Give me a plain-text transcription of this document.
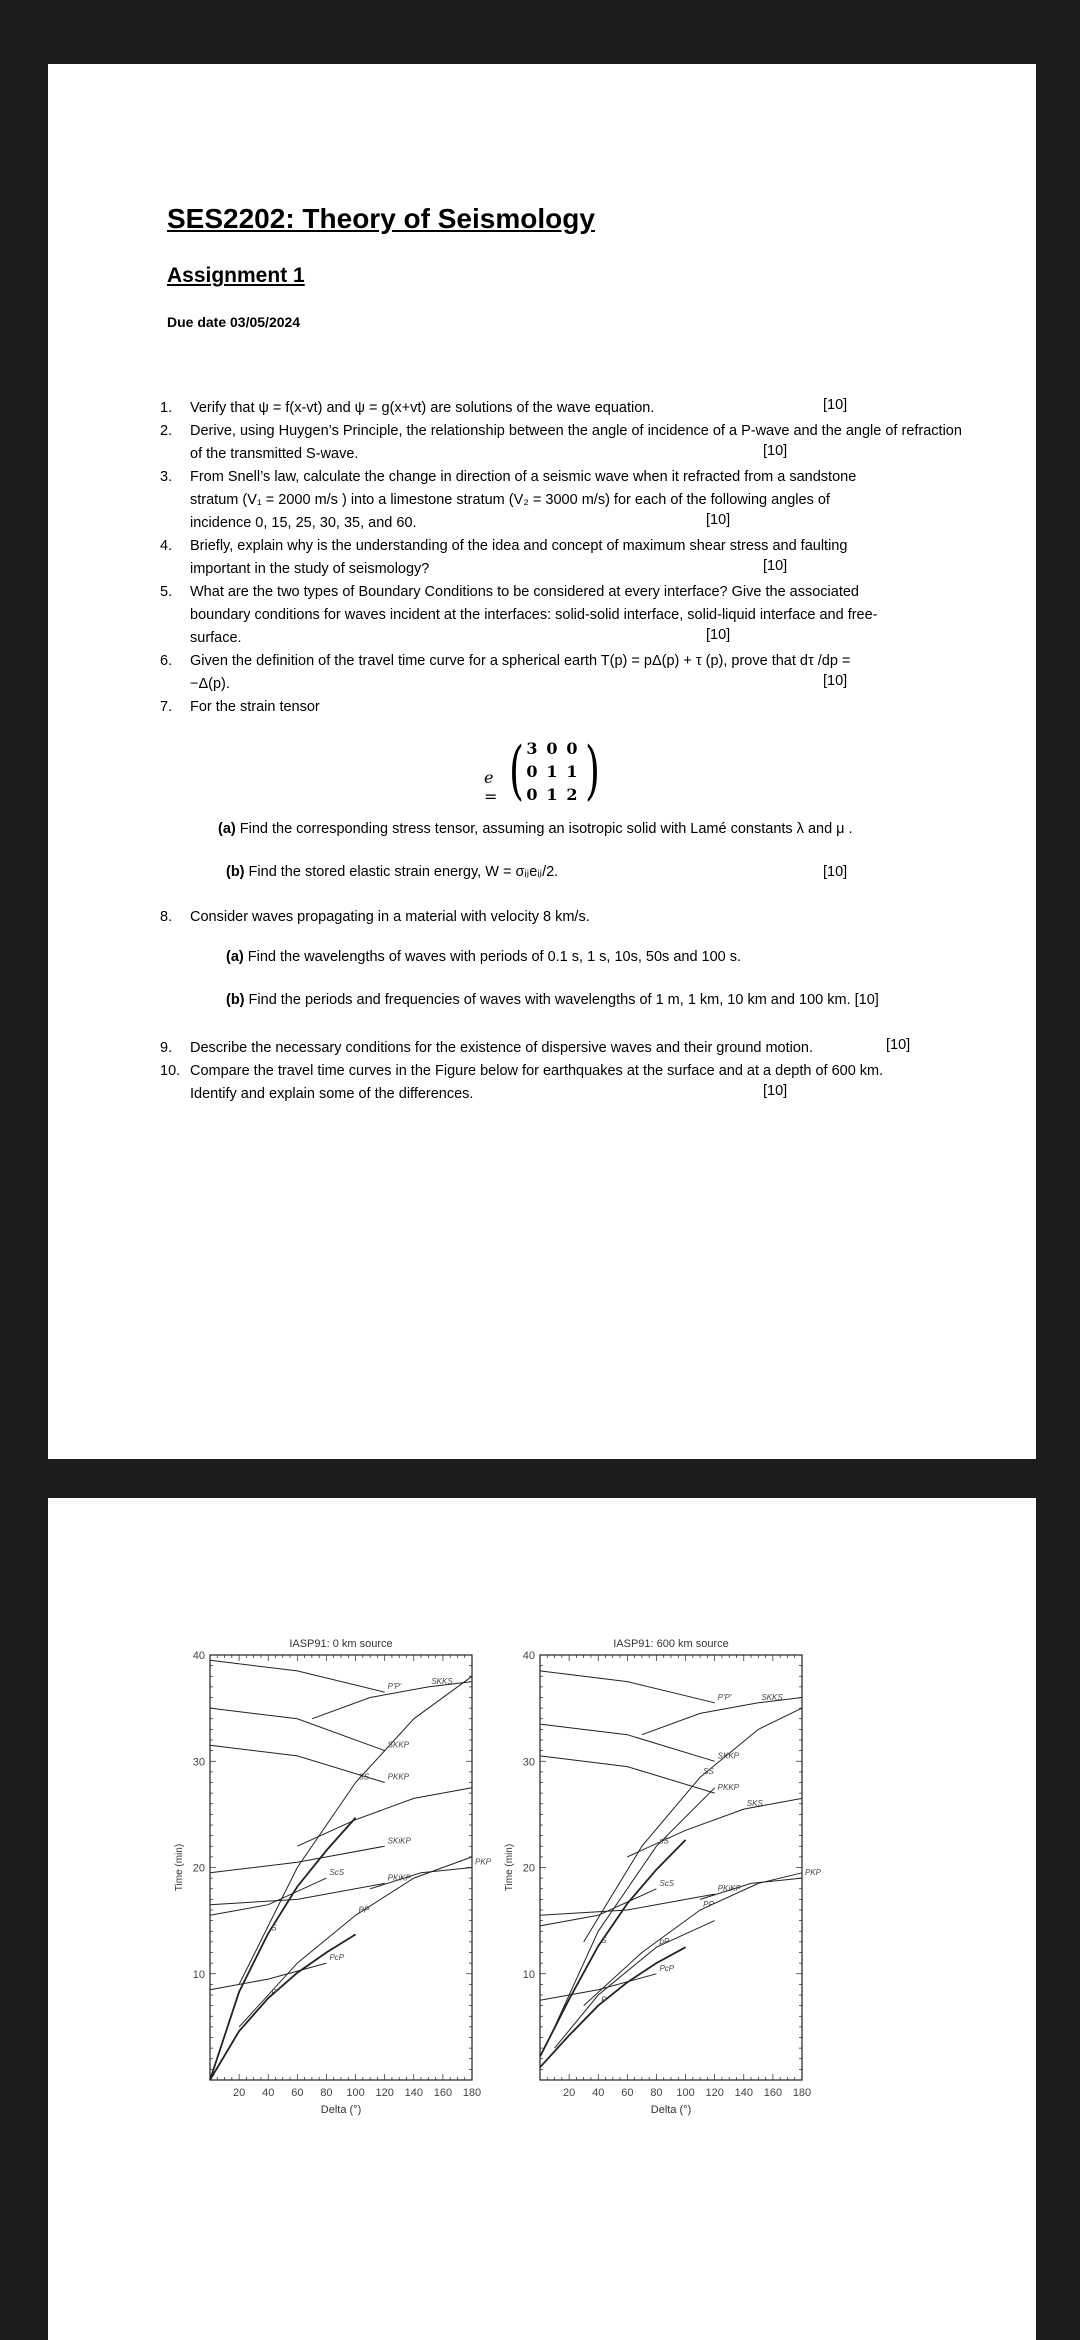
SES2202: Theory of Seismology
Assignment 1
Due date 03/05/2024
1. Verify that ψ = f(x-vt) and ψ = g(x+vt) are solutions of the wave equation.	[10]
2. Derive, using Huygen’s Principle, the relationship between the angle of incidence of a P-wave and the angle of refraction of the transmitted S-wave.	[10]
3. From Snell’s law, calculate the change in direction of a seismic wave when it refracted from a sandstone stratum (V₁ = 2000 m/s ) into a limestone stratum (V₂ = 3000 m/s) for each of the following angles of incidence 0, 15, 25, 30, 35, and 60.	[10]
4. Briefly, explain why is the understanding of the idea and concept of maximum shear stress and faulting important in the study of seismology?	[10]
5. What are the two types of Boundary Conditions to be considered at every interface? Give the associated boundary conditions for waves incident at the interfaces: solid-solid interface, solid-liquid interface and free-surface.	[10]
6. Given the definition of the travel time curve for a spherical earth T(p) = pΔ(p) + τ (p), prove that dτ /dp = −Δ(p).	[10]
7. For the strain tensor
e = ( 3 0 0
0 1 1
0 1 2 )
(a) Find the corresponding stress tensor, assuming an isotropic solid with Lamé constants λ and μ .
(b) Find the stored elastic strain energy, W = σᵢⱼeᵢⱼ/2.	[10]
8. Consider waves propagating in a material with velocity 8 km/s.
(a) Find the wavelengths of waves with periods of 0.1 s, 1 s, 10s, 50s and 100 s.
(b) Find the periods and frequencies of waves with wavelengths of 1 m, 1 km, 10 km and 100 km. [10]
9. Describe the necessary conditions for the existence of dispersive waves and their ground motion.	[10]
10. Compare the travel time curves in the Figure below for earthquakes at the surface and at a depth of 600 km. Identify and explain some of the differences.	[10]
IASP91: 0 km source
20 40 60 80 100 120 140 160 180
10
20
30
40
Delta (°)
Time (min)
P
S
PP
SS
SKKS
PKP
ScS
PcP
PKiKP
SKiKP
PKKP
SKKP
P'P'
IASP91: 600 km source
20 40 60 80 100 120 140 160 180
10
20
30
40
Delta (°)
Time (min)
P
S
sS
pP
PP
SS
SKS
SKKS
PKP
ScS
PcP
PKiKP
PKKP
SKKP
P'P'
